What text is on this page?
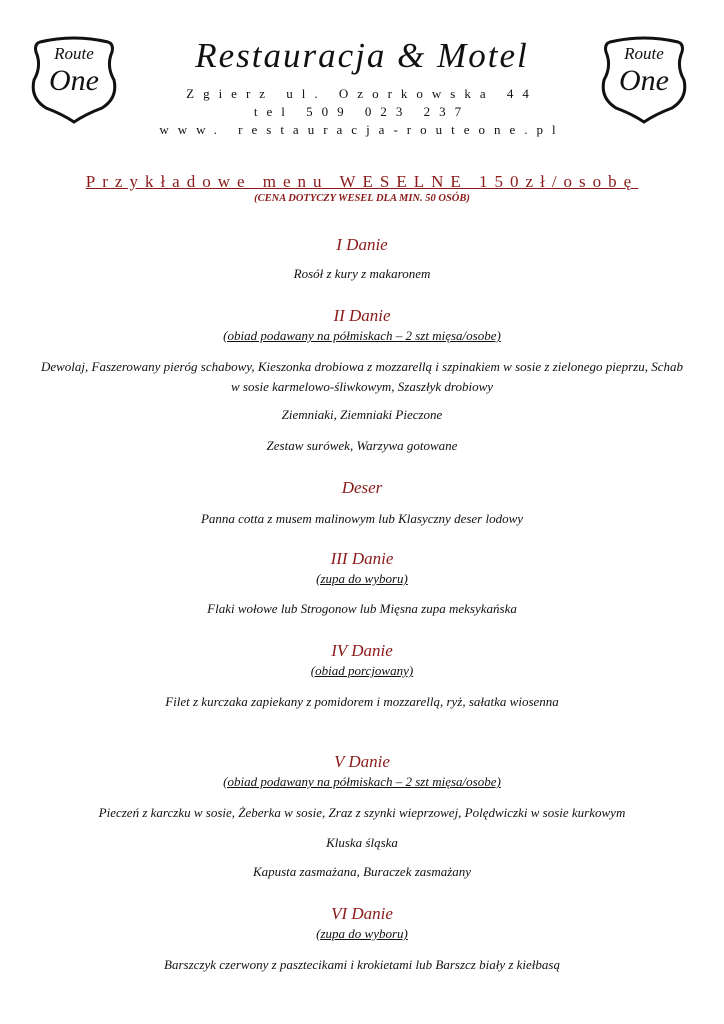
Route
One
Route
One
Restauracja & Motel
Zgierz ul. Ozorkowska 44
tel 509 023 237
www. restauracja-routeone.pl
Przykładowe menu WESELNE 150zł/osobę
(CENA DOTYCZY WESEL DLA MIN. 50 OSÓB)
I Danie
Rosół z kury z makaronem
II Danie
(obiad podawany na półmiskach – 2 szt mięsa/osobe)
Dewolaj, Faszerowany pieróg schabowy, Kieszonka drobiowa z mozzarellą i szpinakiem w sosie z zielonego pieprzu, Schab w sosie karmelowo-śliwkowym, Szaszłyk drobiowy
Ziemniaki, Ziemniaki Pieczone
Zestaw surówek, Warzywa gotowane
Deser
Panna cotta z musem malinowym lub Klasyczny deser lodowy
III Danie
(zupa do wyboru)
Flaki wołowe lub Strogonow lub Mięsna zupa meksykańska
IV Danie
(obiad porcjowany)
Filet z kurczaka zapiekany z pomidorem i mozzarellą, ryż, sałatka wiosenna
V Danie
(obiad podawany na półmiskach – 2 szt mięsa/osobe)
Pieczeń z karczku w sosie, Żeberka w sosie, Zraz z szynki wieprzowej, Polędwiczki w sosie kurkowym
Kluska śląska
Kapusta zasmażana, Buraczek zasmażany
VI Danie
(zupa do wyboru)
Barszczyk czerwony z pasztecikami i krokietami lub Barszcz biały z kiełbasą
